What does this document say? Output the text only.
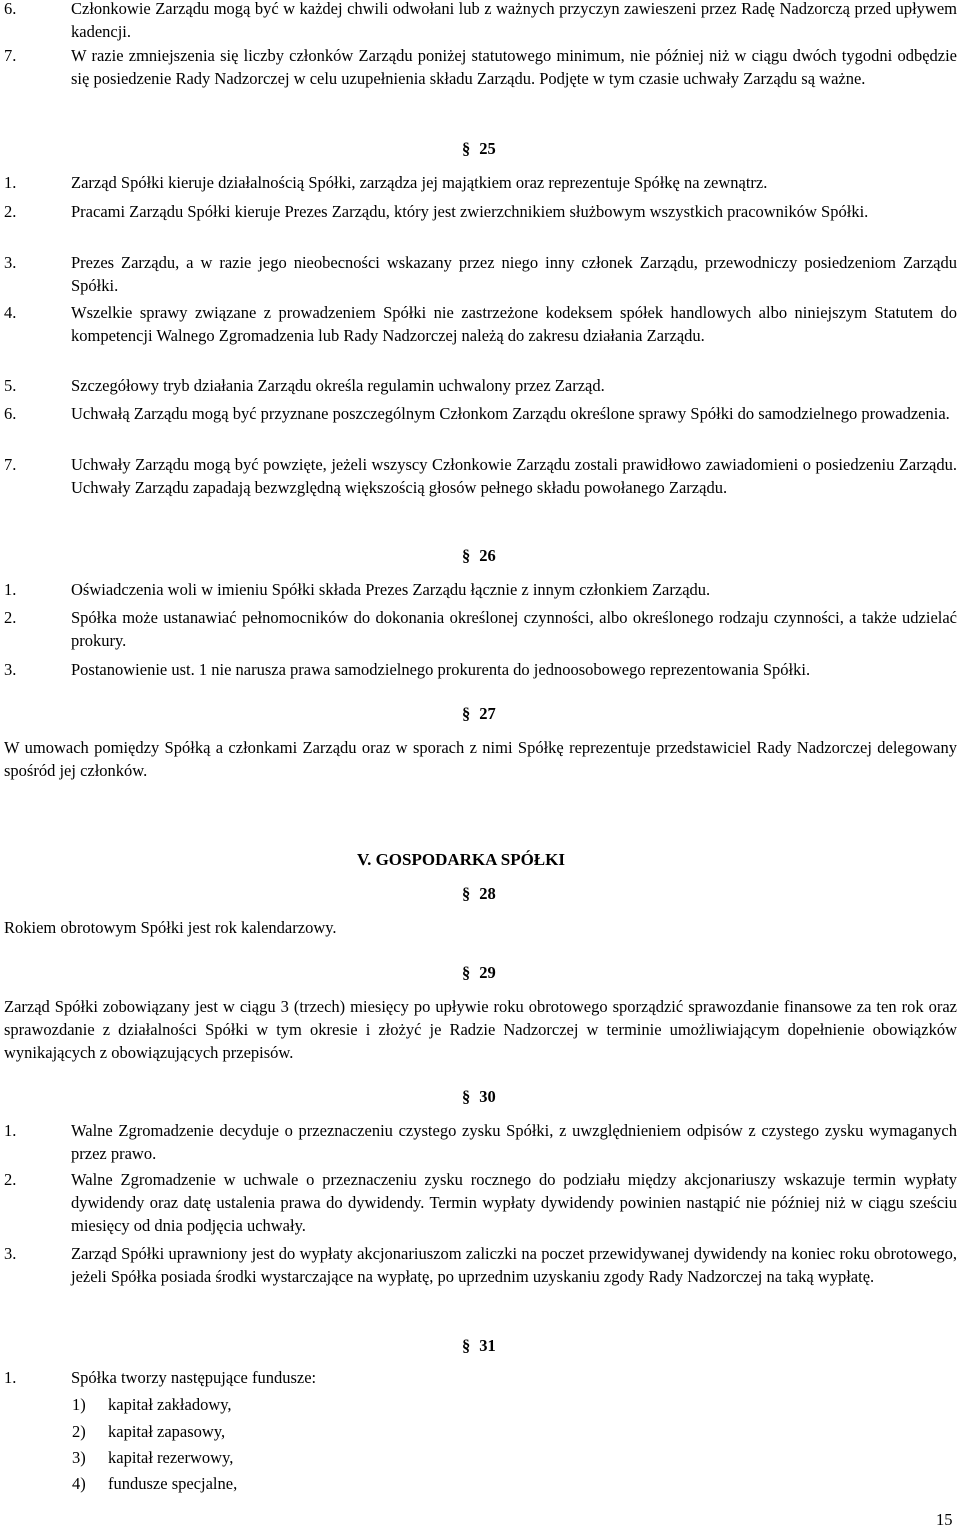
6.	Członkowie Zarządu mogą być w każdej chwili odwołani lub z ważnych przyczyn zawieszeni przez Radę Nadzorczą przed upływem kadencji.
7.	W razie zmniejszenia się liczby członków Zarządu poniżej statutowego minimum, nie później niż w ciągu dwóch tygodni odbędzie się posiedzenie Rady Nadzorczej w celu uzupełnienia składu Zarządu. Podjęte w tym czasie uchwały Zarządu są ważne.
§ 25
1.	Zarząd Spółki kieruje działalnością Spółki, zarządza jej majątkiem oraz reprezentuje Spółkę na zewnątrz.
2.	Pracami Zarządu Spółki kieruje Prezes Zarządu, który jest zwierzchnikiem służbowym wszystkich pracowników Spółki.
3.	Prezes Zarządu, a w razie jego nieobecności wskazany przez niego inny członek Zarządu, przewodniczy posiedzeniom Zarządu Spółki.
4.	Wszelkie sprawy związane z prowadzeniem Spółki nie zastrzeżone kodeksem spółek handlowych albo niniejszym Statutem do kompetencji Walnego Zgromadzenia lub Rady Nadzorczej należą do zakresu działania Zarządu.
5.	Szczegółowy tryb działania Zarządu określa regulamin uchwalony przez Zarząd.
6.	Uchwałą Zarządu mogą być przyznane poszczególnym Członkom Zarządu określone sprawy Spółki do samodzielnego prowadzenia.
7.	Uchwały Zarządu mogą być powzięte, jeżeli wszyscy Członkowie Zarządu zostali prawidłowo zawiadomieni o posiedzeniu Zarządu. Uchwały Zarządu zapadają bezwzględną większością głosów pełnego składu powołanego Zarządu.
§ 26
1.	Oświadczenia woli w imieniu Spółki składa Prezes Zarządu łącznie z innym członkiem Zarządu.
2.	Spółka może ustanawiać pełnomocników do dokonania określonej czynności, albo określonego rodzaju czynności, a także udzielać prokury.
3.	Postanowienie ust. 1 nie narusza prawa samodzielnego prokurenta do jednoosobowego reprezentowania Spółki.
§ 27
W umowach pomiędzy Spółką a członkami Zarządu oraz w sporach z nimi Spółkę reprezentuje przedstawiciel Rady Nadzorczej delegowany spośród jej członków.
V. GOSPODARKA SPÓŁKI
§ 28
Rokiem obrotowym Spółki jest rok kalendarzowy.
§ 29
Zarząd Spółki zobowiązany jest w ciągu 3 (trzech) miesięcy po upływie roku obrotowego sporządzić sprawozdanie finansowe za ten rok oraz sprawozdanie z działalności Spółki w tym okresie i złożyć je Radzie Nadzorczej w terminie umożliwiającym dopełnienie obowiązków wynikających z obowiązujących przepisów.
§ 30
1.	Walne Zgromadzenie decyduje o przeznaczeniu czystego zysku Spółki, z uwzględnieniem odpisów z czystego zysku wymaganych przez prawo.
2.	Walne Zgromadzenie w uchwale o przeznaczeniu zysku rocznego do podziału między akcjonariuszy wskazuje termin wypłaty dywidendy oraz datę ustalenia prawa do dywidendy. Termin wypłaty dywidendy powinien nastąpić nie później niż w ciągu sześciu miesięcy od dnia podjęcia uchwały.
3.	Zarząd Spółki uprawniony jest do wypłaty akcjonariuszom zaliczki na poczet przewidywanej dywidendy na koniec roku obrotowego, jeżeli Spółka posiada środki wystarczające na wypłatę, po uprzednim uzyskaniu zgody Rady Nadzorczej na taką wypłatę.
§ 31
1.	Spółka tworzy następujące fundusze:
1)	kapitał zakładowy,
2)	kapitał zapasowy,
3)	kapitał rezerwowy,
4)	fundusze specjalne,
15
